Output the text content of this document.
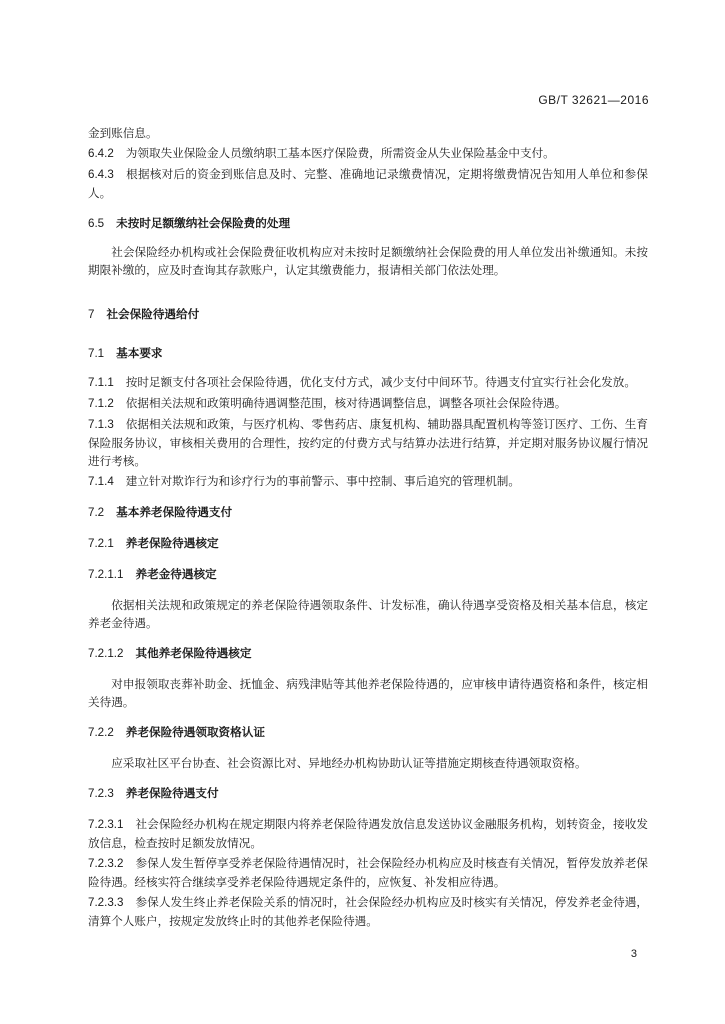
GB/T 32621—2016

金到账信息。

6.4.2 为领取失业保险金人员缴纳职工基本医疗保险费，所需资金从失业保险基金中支付。

6.4.3 根据核对后的资金到账信息及时、完整、准确地记录缴费情况，定期将缴费情况告知用人单位和参保人。

6.5 未按时足额缴纳社会保险费的处理

社会保险经办机构或社会保险费征收机构应对未按时足额缴纳社会保险费的用人单位发出补缴通知。未按期限补缴的，应及时查询其存款账户，认定其缴费能力，报请相关部门依法处理。

7 社会保险待遇给付

7.1 基本要求

7.1.1 按时足额支付各项社会保险待遇，优化支付方式，减少支付中间环节。待遇支付宜实行社会化发放。

7.1.2 依据相关法规和政策明确待遇调整范围，核对待遇调整信息，调整各项社会保险待遇。

7.1.3 依据相关法规和政策，与医疗机构、零售药店、康复机构、辅助器具配置机构等签订医疗、工伤、生育保险服务协议，审核相关费用的合理性，按约定的付费方式与结算办法进行结算，并定期对服务协议履行情况进行考核。

7.1.4 建立针对欺诈行为和诊疗行为的事前警示、事中控制、事后追究的管理机制。

7.2 基本养老保险待遇支付

7.2.1 养老保险待遇核定

7.2.1.1 养老金待遇核定

依据相关法规和政策规定的养老保险待遇领取条件、计发标准，确认待遇享受资格及相关基本信息，核定养老金待遇。

7.2.1.2 其他养老保险待遇核定

对申报领取丧葬补助金、抚恤金、病残津贴等其他养老保险待遇的，应审核申请待遇资格和条件，核定相关待遇。

7.2.2 养老保险待遇领取资格认证

应采取社区平台协查、社会资源比对、异地经办机构协助认证等措施定期核查待遇领取资格。

7.2.3 养老保险待遇支付

7.2.3.1 社会保险经办机构在规定期限内将养老保险待遇发放信息发送协议金融服务机构，划转资金，接收发放信息，检查按时足额发放情况。

7.2.3.2 参保人发生暂停享受养老保险待遇情况时，社会保险经办机构应及时核查有关情况，暂停发放养老保险待遇。经核实符合继续享受养老保险待遇规定条件的，应恢复、补发相应待遇。

7.2.3.3 参保人发生终止养老保险关系的情况时，社会保险经办机构应及时核实有关情况，停发养老金待遇，清算个人账户，按规定发放终止时的其他养老保险待遇。

3
